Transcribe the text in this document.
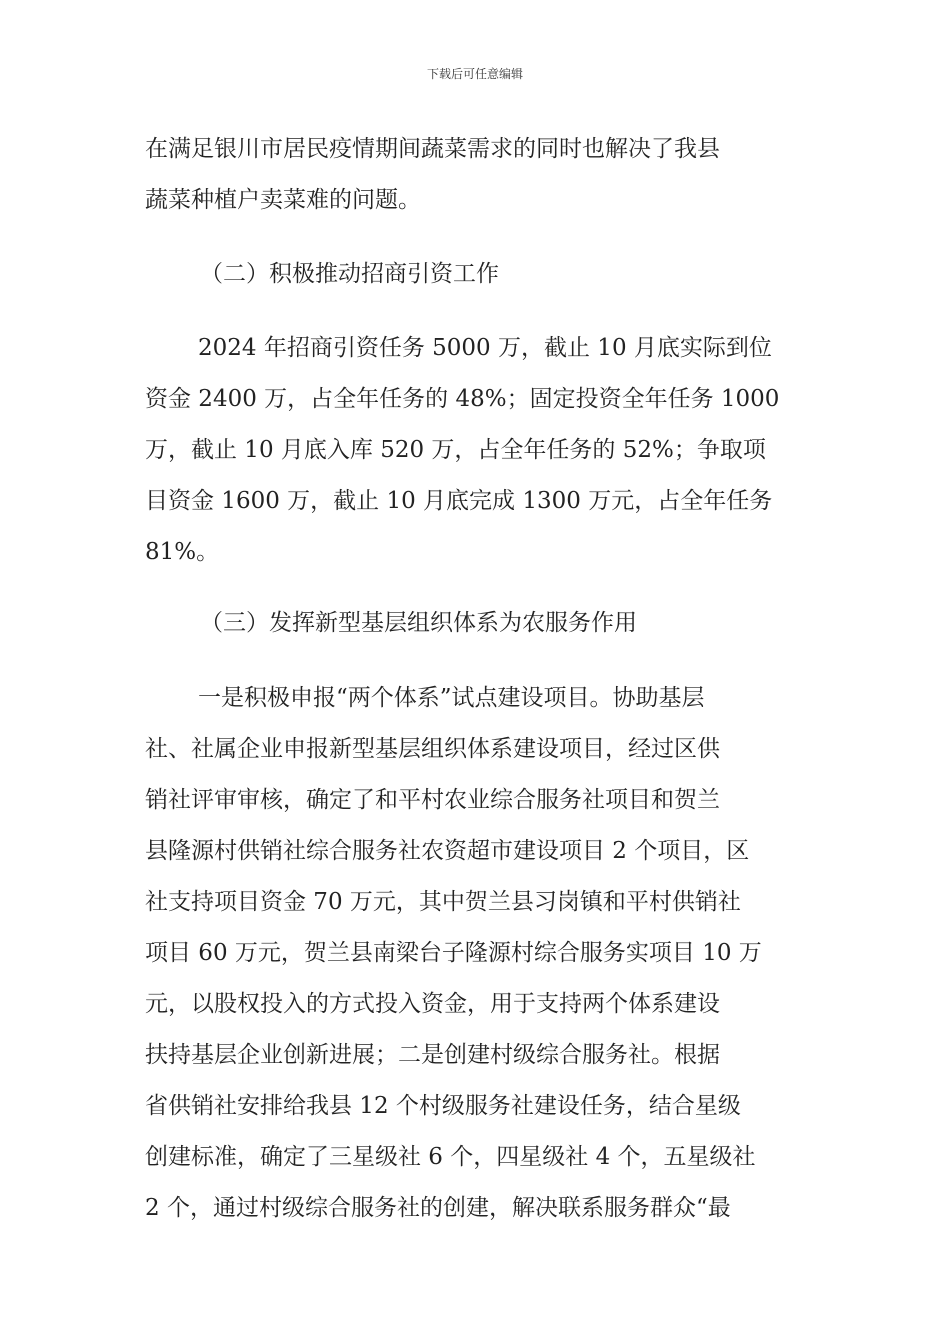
下载后可任意编辑
在满足银川市居民疫情期间蔬菜需求的同时也解决了我县
蔬菜种植户卖菜难的问题。
（二）积极推动招商引资工作
2024 年招商引资任务 5000 万，截止 10 月底实际到位
资金 2400 万，占全年任务的 48%；固定投资全年任务 1000
万，截止 10 月底入库 520 万，占全年任务的 52%；争取项
目资金 1600 万，截止 10 月底完成 1300 万元，占全年任务
81%。
（三）发挥新型基层组织体系为农服务作用
一是积极申报“两个体系”试点建设项目。协助基层
社、社属企业申报新型基层组织体系建设项目，经过区供
销社评审审核，确定了和平村农业综合服务社项目和贺兰
县隆源村供销社综合服务社农资超市建设项目 2 个项目，区
社支持项目资金 70 万元，其中贺兰县习岗镇和平村供销社
项目 60 万元，贺兰县南梁台子隆源村综合服务实项目 10 万
元，以股权投入的方式投入资金，用于支持两个体系建设
扶持基层企业创新进展；二是创建村级综合服务社。根据
省供销社安排给我县 12 个村级服务社建设任务，结合星级
创建标准，确定了三星级社 6 个，四星级社 4 个，五星级社
2 个，通过村级综合服务社的创建，解决联系服务群众“最
